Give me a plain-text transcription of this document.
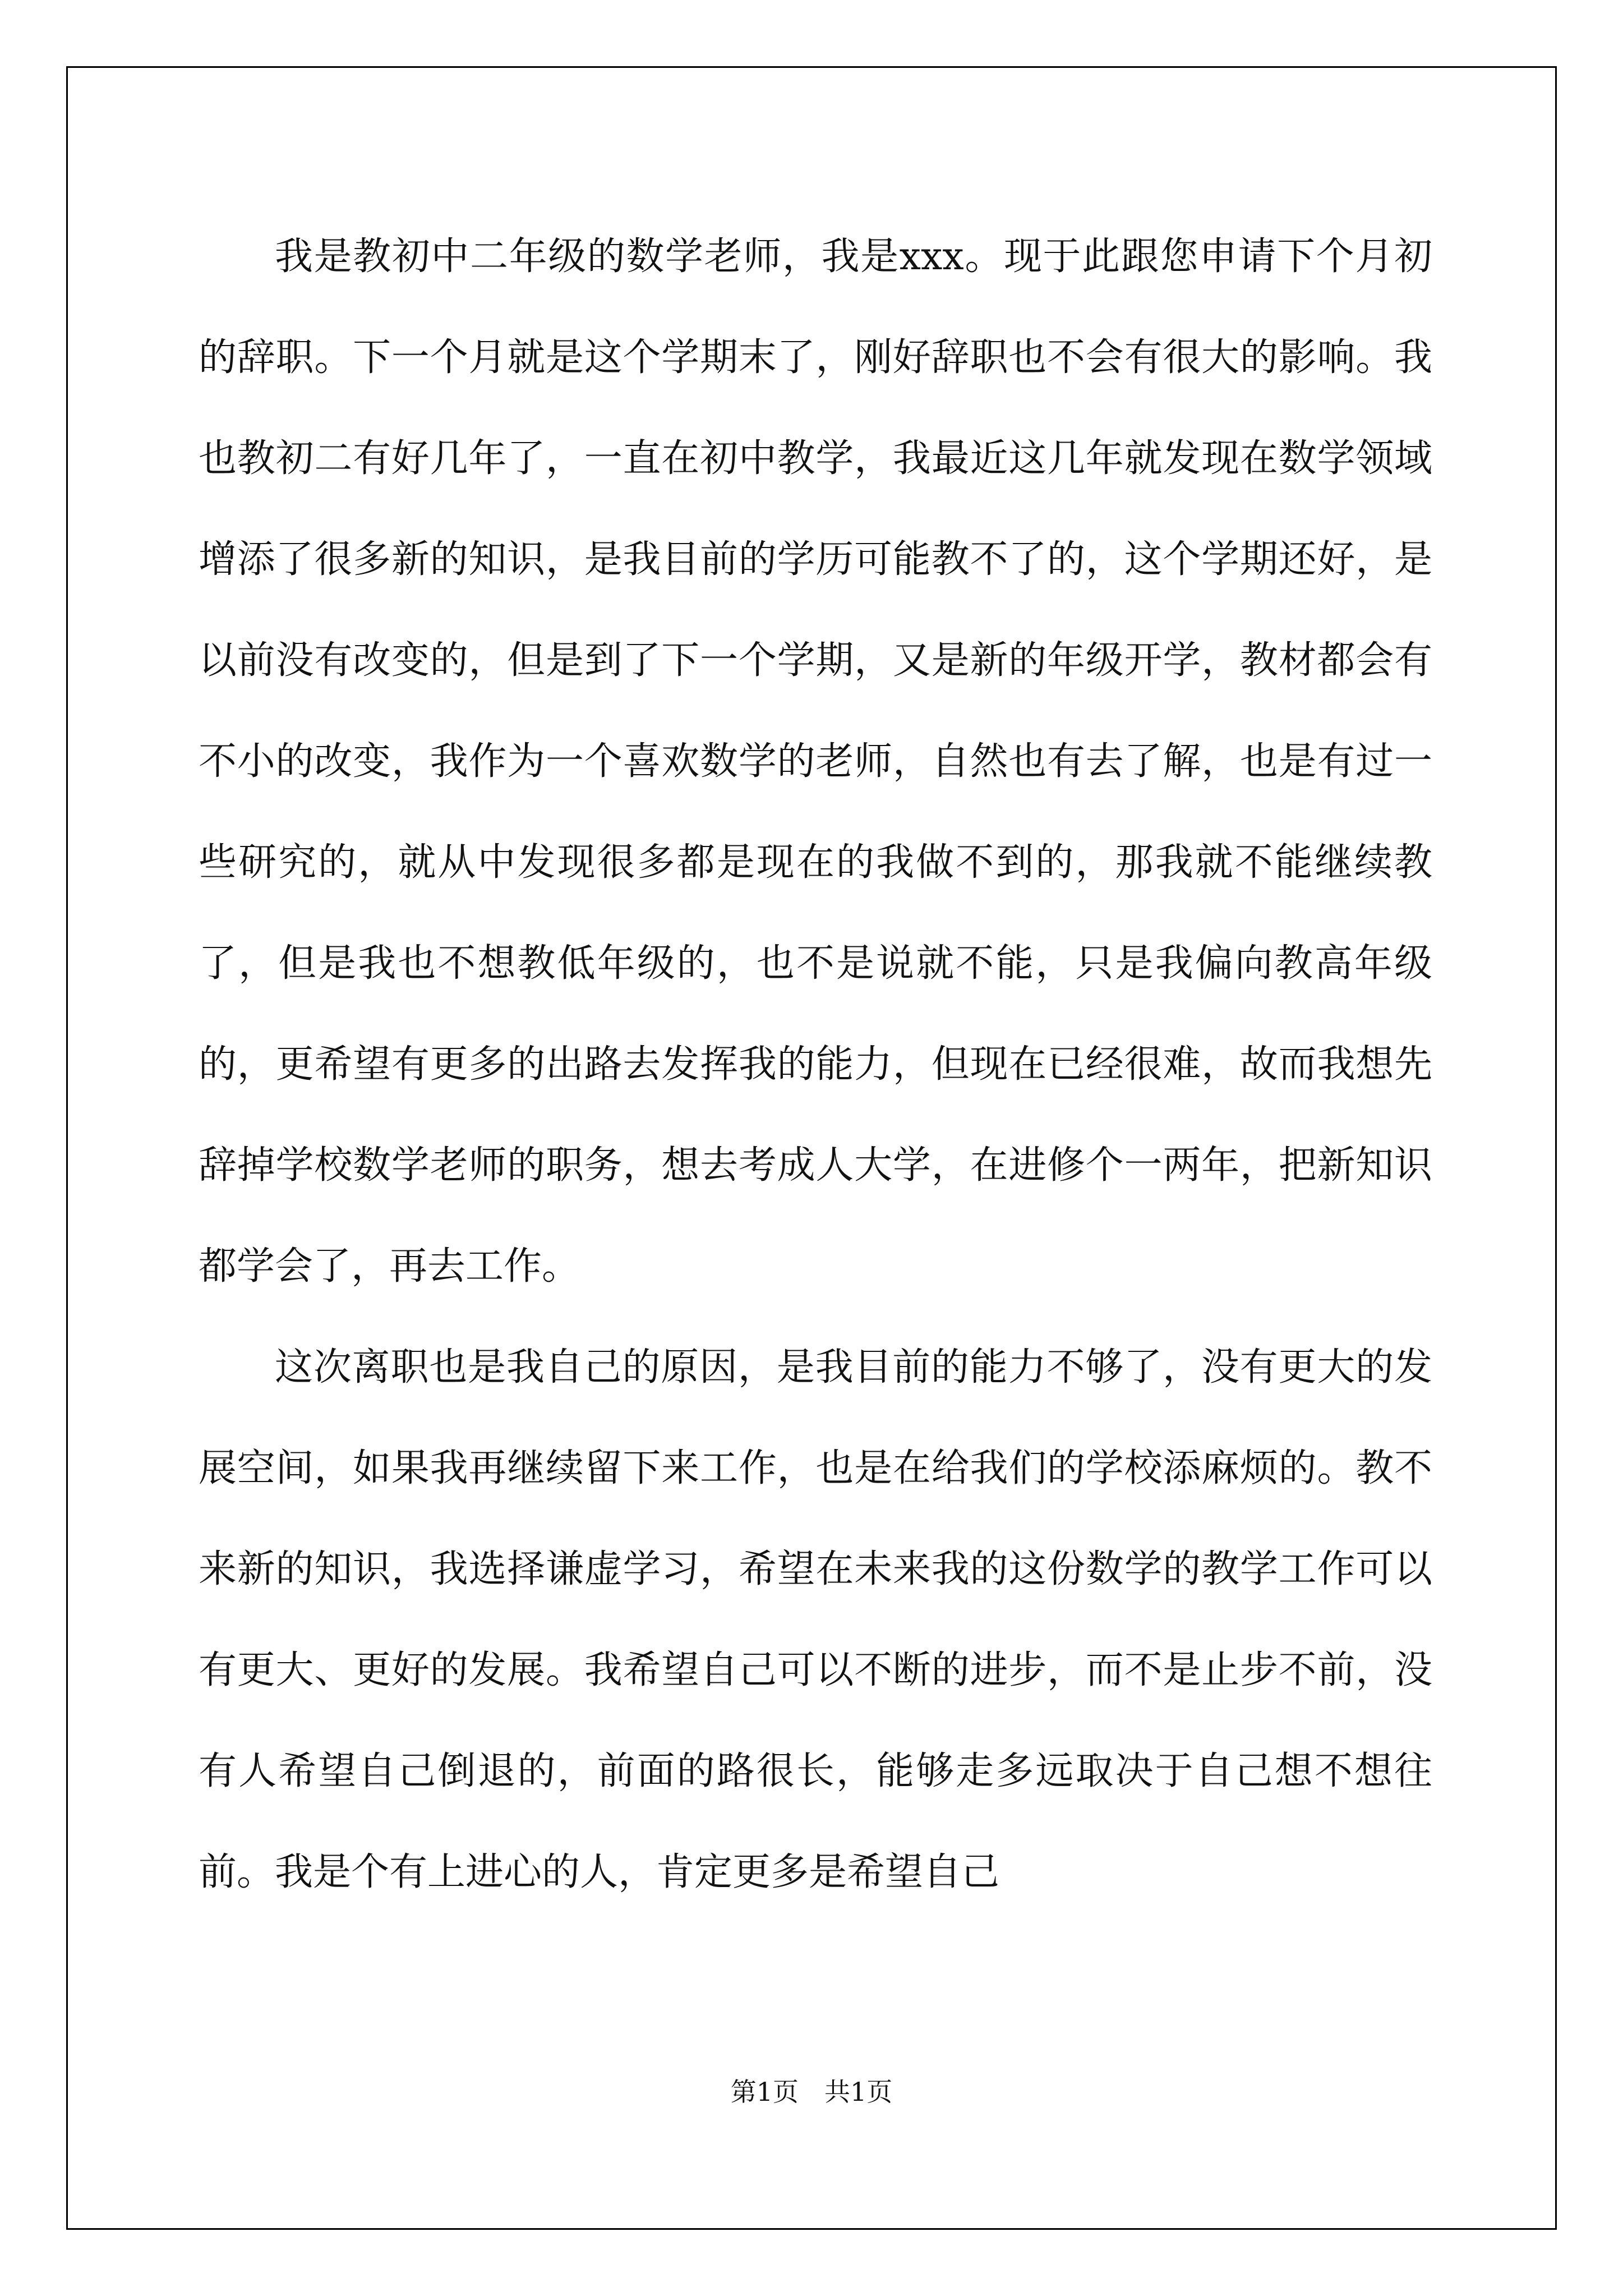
我是教初中二年级的数学老师，我是xxx。现于此跟您申请下个月初的辞职。下一个月就是这个学期末了，刚好辞职也不会有很大的影响。我也教初二有好几年了，一直在初中教学，我最近这几年就发现在数学领域增添了很多新的知识，是我目前的学历可能教不了的，这个学期还好，是以前没有改变的，但是到了下一个学期，又是新的年级开学，教材都会有不小的改变，我作为一个喜欢数学的老师，自然也有去了解，也是有过一些研究的，就从中发现很多都是现在的我做不到的，那我就不能继续教了，但是我也不想教低年级的，也不是说就不能，只是我偏向教高年级的，更希望有更多的出路去发挥我的能力，但现在已经很难，故而我想先辞掉学校数学老师的职务，想去考成人大学，在进修个一两年，把新知识都学会了，再去工作。

这次离职也是我自己的原因，是我目前的能力不够了，没有更大的发展空间，如果我再继续留下来工作，也是在给我们的学校添麻烦的。教不来新的知识，我选择谦虚学习，希望在未来我的这份数学的教学工作可以有更大、更好的发展。我希望自己可以不断的进步，而不是止步不前，没有人希望自己倒退的，前面的路很长，能够走多远取决于自己想不想往前。我是个有上进心的人，肯定更多是希望自己

第1页　共1页
